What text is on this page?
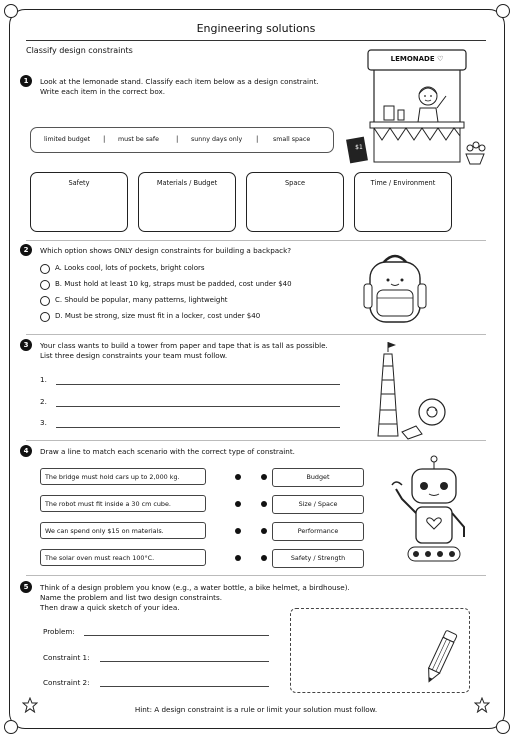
Engineering solutions
Classify design constraints
1	Look at the lemonade stand. Classify each item below as a design constraint.
Write each item in the correct box.
limited budget | must be safe | sunny days only | small space
Safety	Materials / Budget	Space	Time / Environment
LEMONADE ♡
$1
2	Which option shows ONLY design constraints for building a backpack?
A. Looks cool, lots of pockets, bright colors
B. Must hold at least 10 kg, straps must be padded, cost under $40
C. Should be popular, many patterns, lightweight
D. Must be strong, size must fit in a locker, cost under $40
3	Your class wants to build a tower from paper and tape that is as tall as possible.
List three design constraints your team must follow.
1.
2.
3.
4	Draw a line to match each scenario with the correct type of constraint.
The bridge must hold cars up to 2,000 kg.	Budget
The robot must fit inside a 30 cm cube.	Size / Space
We can spend only $15 on materials.	Performance
The solar oven must reach 100°C.	Safety / Strength
5	Think of a design problem you know (e.g., a water bottle, a bike helmet, a birdhouse).
Name the problem and list two design constraints.
Then draw a quick sketch of your idea.
Problem:
Constraint 1:
Constraint 2:
Hint: A design constraint is a rule or limit your solution must follow.
